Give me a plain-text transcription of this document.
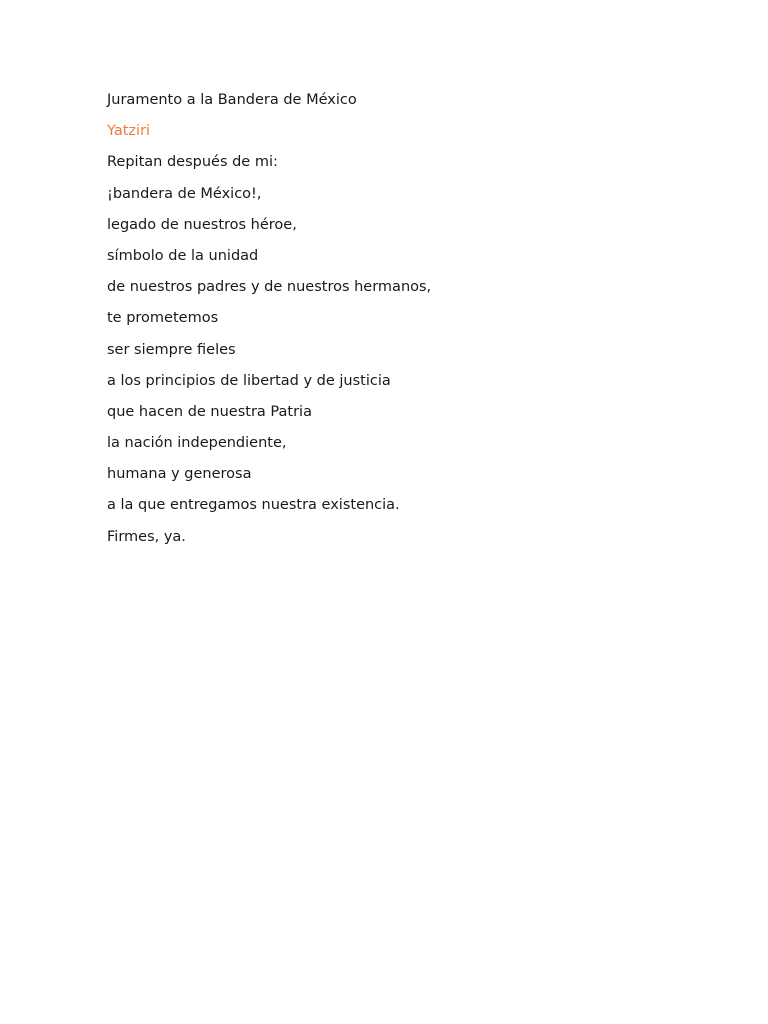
Juramento a la Bandera de México
Yatziri
Repitan después de mi:
¡bandera de México!,
legado de nuestros héroe,
símbolo de la unidad
de nuestros padres y de nuestros hermanos,
te prometemos
ser siempre fieles
a los principios de libertad y de justicia
que hacen de nuestra Patria
la nación independiente,
humana y generosa
a la que entregamos nuestra existencia.
Firmes, ya.
